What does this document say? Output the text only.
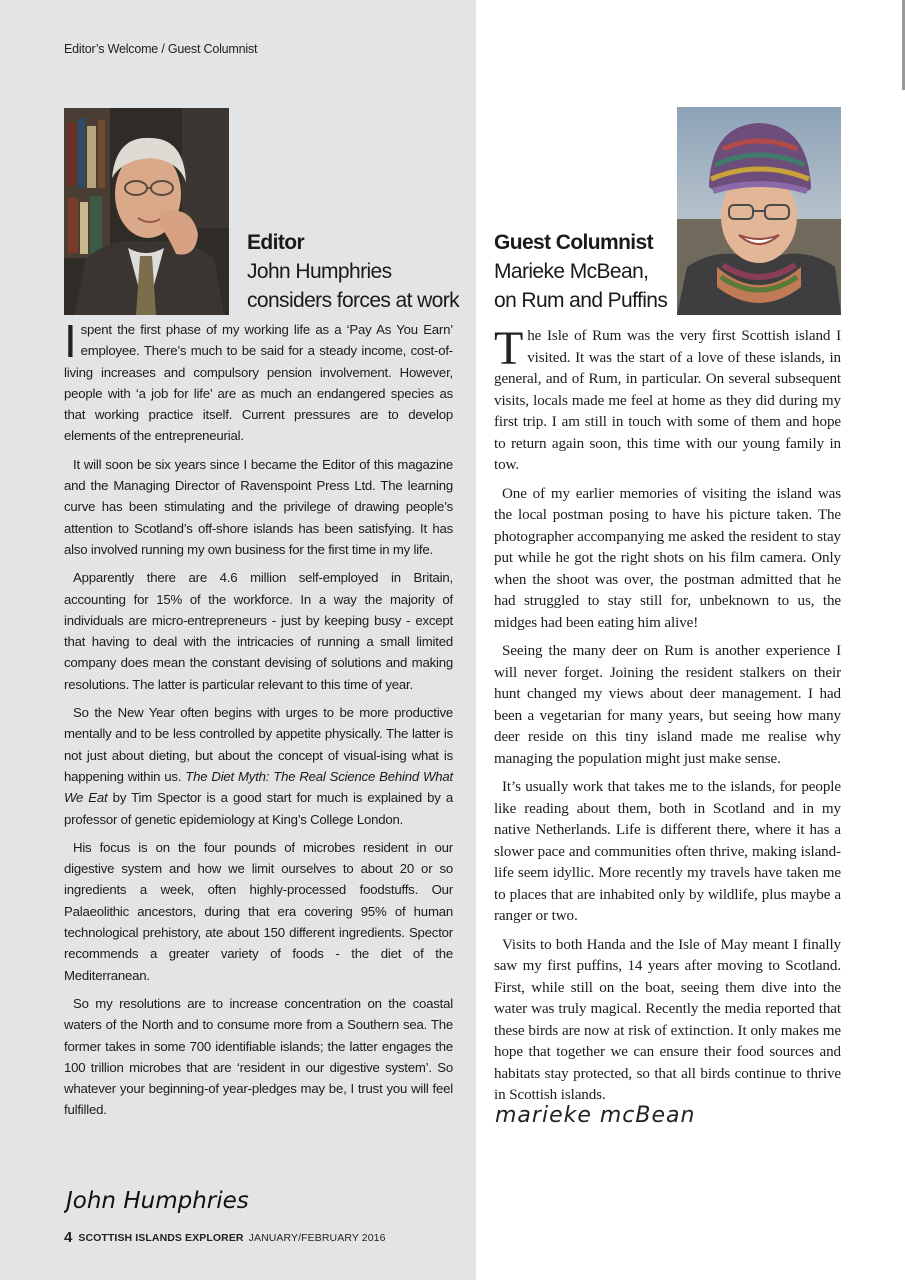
Editor’s Welcome / Guest Columnist
Editor
John Humphries
considers forces at work

Ispent the first phase of my working life as a ‘Pay As You Earn’ employee. There’s much to be said for a steady income, cost-of-living increases and compulsory pension involvement. However, people with ‘a job for life’ are as much an endangered species as that working practice itself. Current pressures are to develop elements of the entrepreneurial.

It will soon be six years since I became the Editor of this magazine and the Managing Director of Ravenspoint Press Ltd. The learning curve has been stimulating and the privilege of drawing people’s attention to Scotland’s off-shore islands has been satisfying. It has also involved running my own business for the first time in my life.

Apparently there are 4.6 million self-employed in Britain, accounting for 15% of the workforce. In a way the majority of individuals are micro-entrepreneurs - just by keeping busy - except that having to deal with the intricacies of running a small limited company does mean the constant devising of solutions and making resolutions. The latter is particular relevant to this time of year.

So the New Year often begins with urges to be more productive mentally and to be less controlled by appetite physically. The latter is not just about dieting, but about the concept of visual-ising what is happening within us. The Diet Myth: The Real Science Behind What We Eat by Tim Spector is a good start for much is explained by a professor of genetic epidemiology at King’s College London.

His focus is on the four pounds of microbes resident in our digestive system and how we limit ourselves to about 20 or so ingredients a week, often highly-processed foodstuffs. Our Palaeolithic ancestors, during that era covering 95% of human technological prehistory, ate about 150 different ingredients. Spector recommends a greater variety of foods - the diet of the Mediterranean.

So my resolutions are to increase concentration on the coastal waters of the North and to consume more from a Southern sea. The former takes in some 700 identifiable islands; the latter engages the 100 trillion microbes that are ‘resident in our digestive system’. So whatever your beginning-of year-pledges may be, I trust you will feel fulfilled.

John Humphries
Guest Columnist
Marieke McBean,
on Rum and Puffins

The Isle of Rum was the very first Scottish island I visited. It was the start of a love of these islands, in general, and of Rum, in particular. On several subsequent visits, locals made me feel at home as they did during my first trip. I am still in touch with some of them and hope to return again soon, this time with our young family in tow.

One of my earlier memories of visiting the island was the local postman posing to have his picture taken. The photographer accompanying me asked the resident to stay put while he got the right shots on his film camera. Only when the shoot was over, the postman admitted that he had struggled to stay still for, unbeknown to us, the midges had been eating him alive!

Seeing the many deer on Rum is another experience I will never forget. Joining the resident stalkers on their hunt changed my views about deer management. I had been a vegetarian for many years, but seeing how many deer reside on this tiny island made me realise why managing the population might just make sense.

It’s usually work that takes me to the islands, for people like reading about them, both in Scotland and in my native Netherlands. Life is different there, where it has a slower pace and communities often thrive, making island-life seem idyllic. More recently my travels have taken me to places that are inhabited only by wildlife, plus maybe a ranger or two.

Visits to both Handa and the Isle of May meant I finally saw my first puffins, 14 years after moving to Scotland. First, while still on the boat, seeing them dive into the water was truly magical. Recently the media reported that these birds are now at risk of extinction. It only makes me hope that together we can ensure their food sources and habitats stay protected, so that all birds continue to thrive in Scottish islands.

marieke mcBean
4 SCOTTISH ISLANDS EXPLORER JANUARY/FEBRUARY 2016
